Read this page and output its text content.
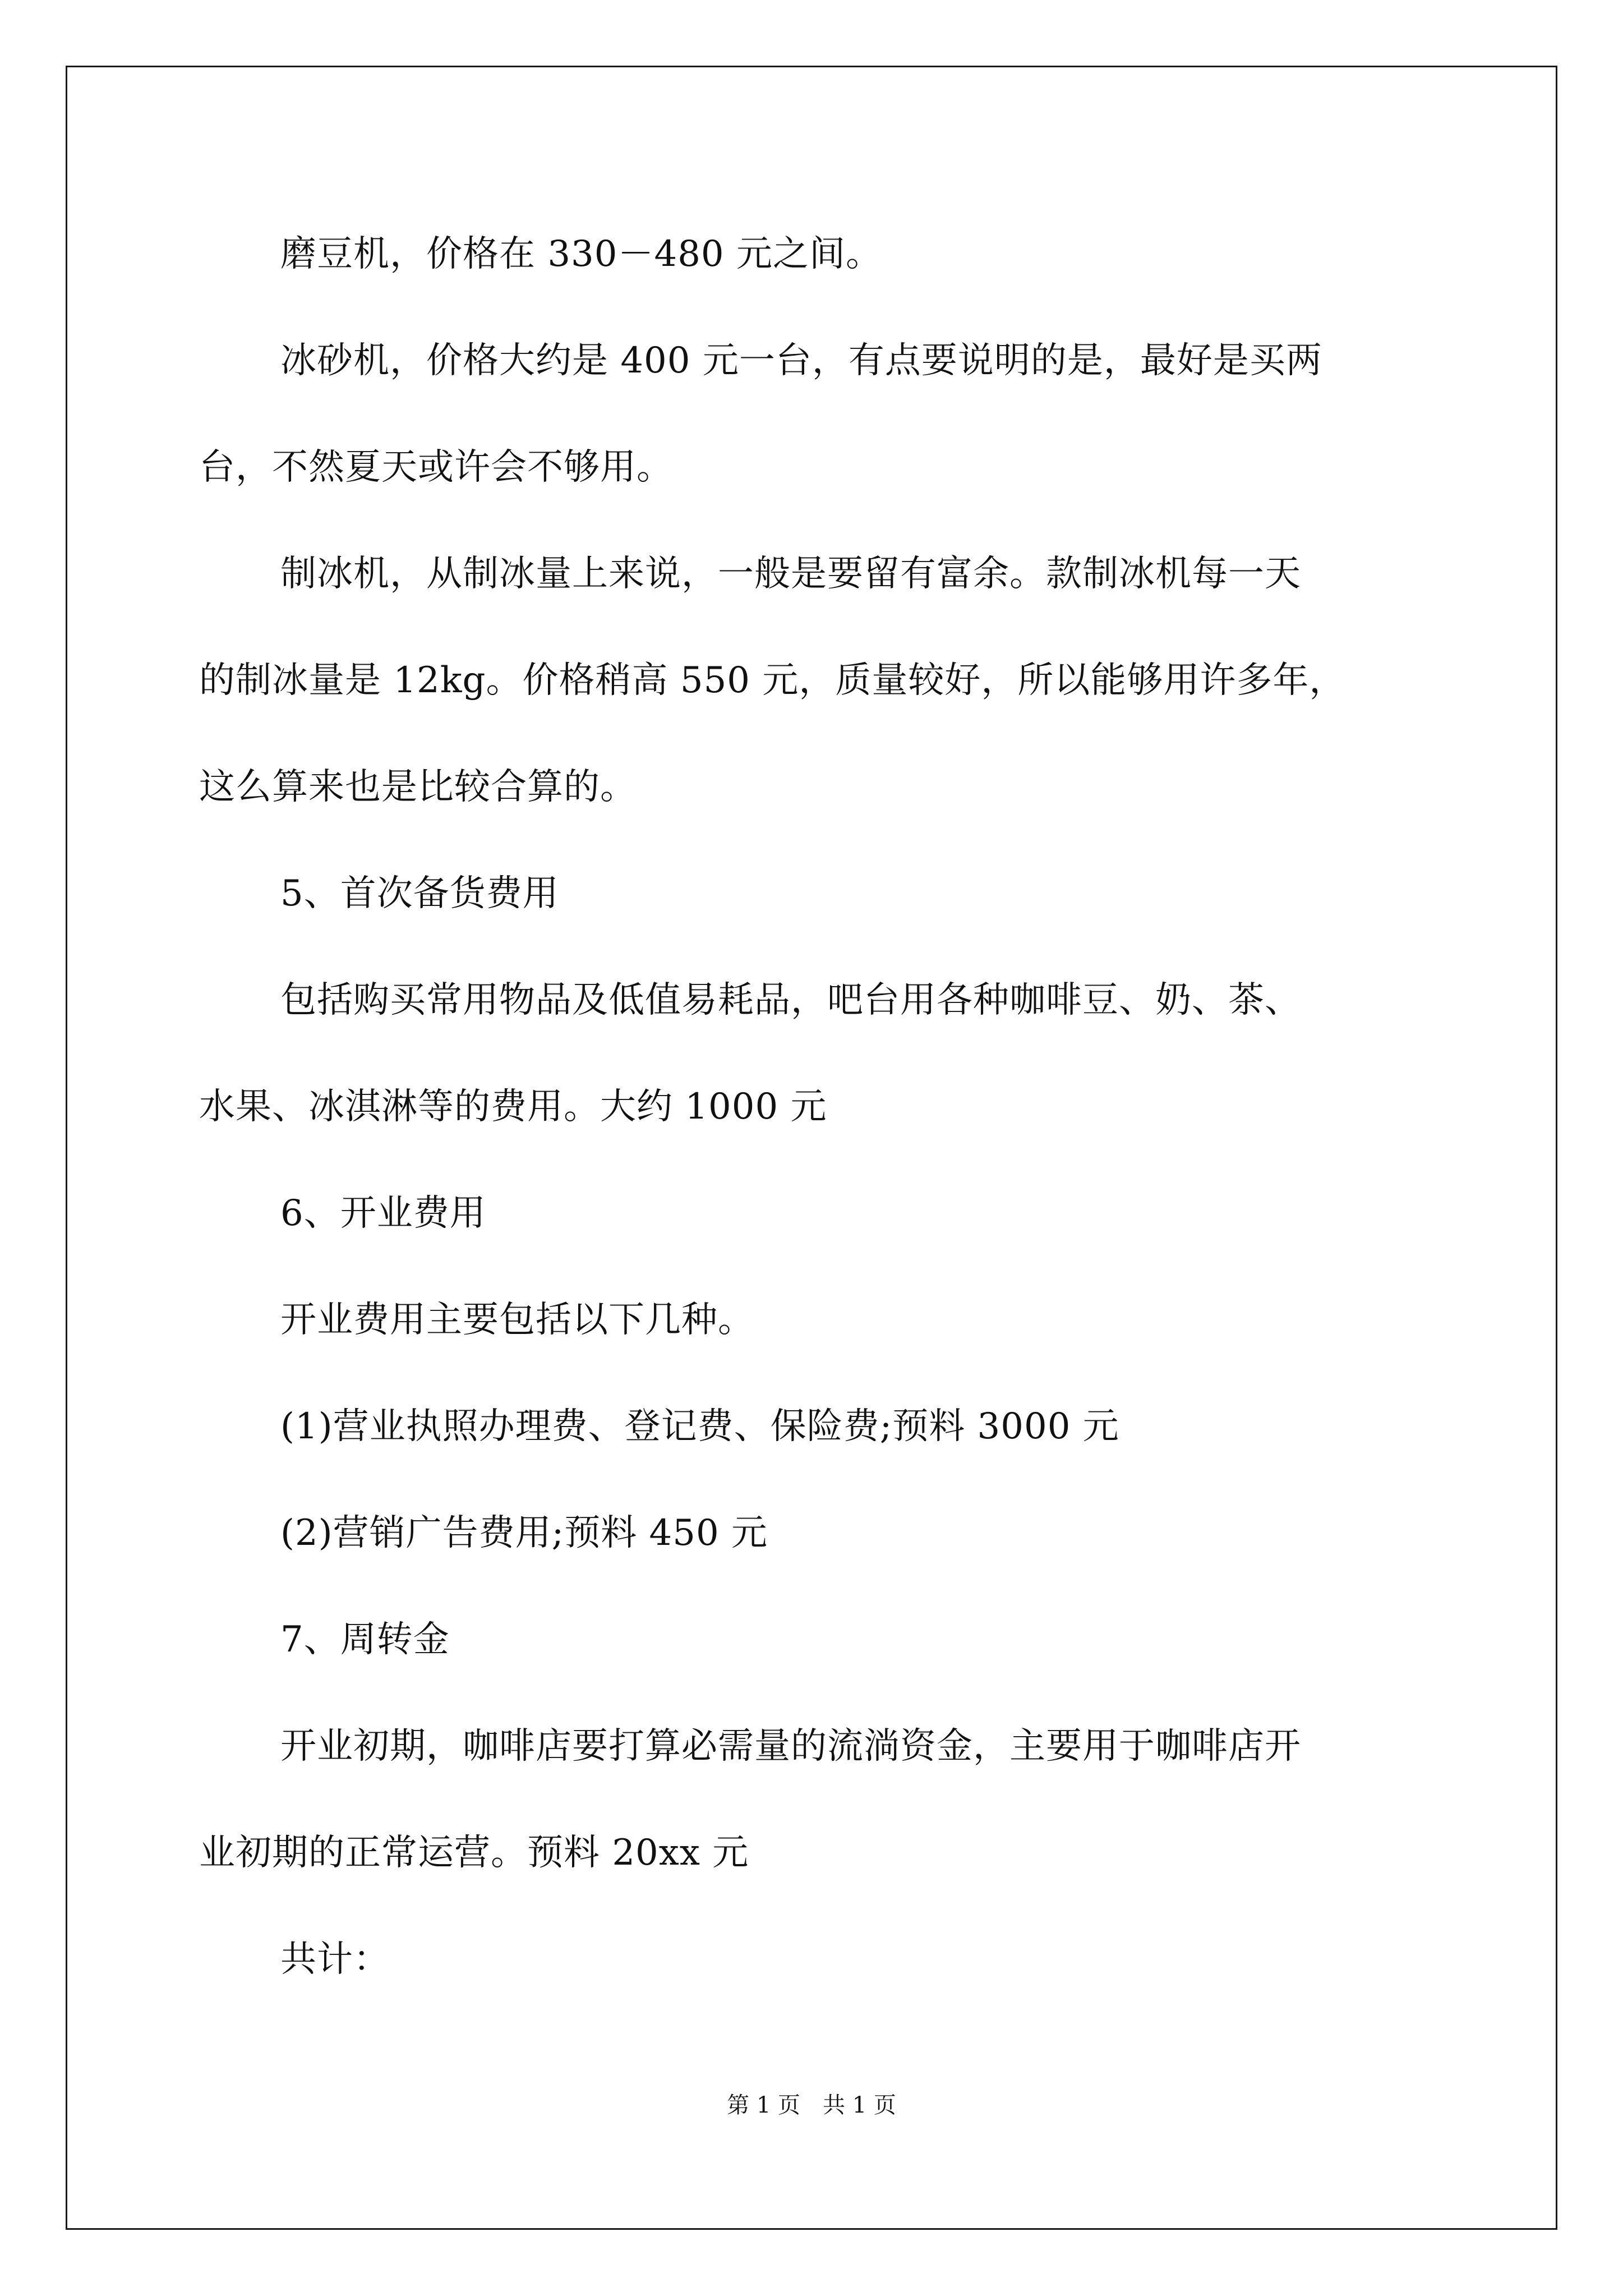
磨豆机，价格在 330－480 元之间。
冰砂机，价格大约是 400 元一台，有点要说明的是，最好是买两
台，不然夏天或许会不够用。
制冰机，从制冰量上来说，一般是要留有富余。款制冰机每一天
的制冰量是 12kg。价格稍高 550 元，质量较好，所以能够用许多年，
这么算来也是比较合算的。
5、首次备货费用
包括购买常用物品及低值易耗品，吧台用各种咖啡豆、奶、茶、
水果、冰淇淋等的费用。大约 1000 元
6、开业费用
开业费用主要包括以下几种。
(1)营业执照办理费、登记费、保险费;预料 3000 元
(2)营销广告费用;预料 450 元
7、周转金
开业初期，咖啡店要打算必需量的流淌资金，主要用于咖啡店开
业初期的正常运营。预料 20xx 元
共计：
第 1 页　共 1 页
